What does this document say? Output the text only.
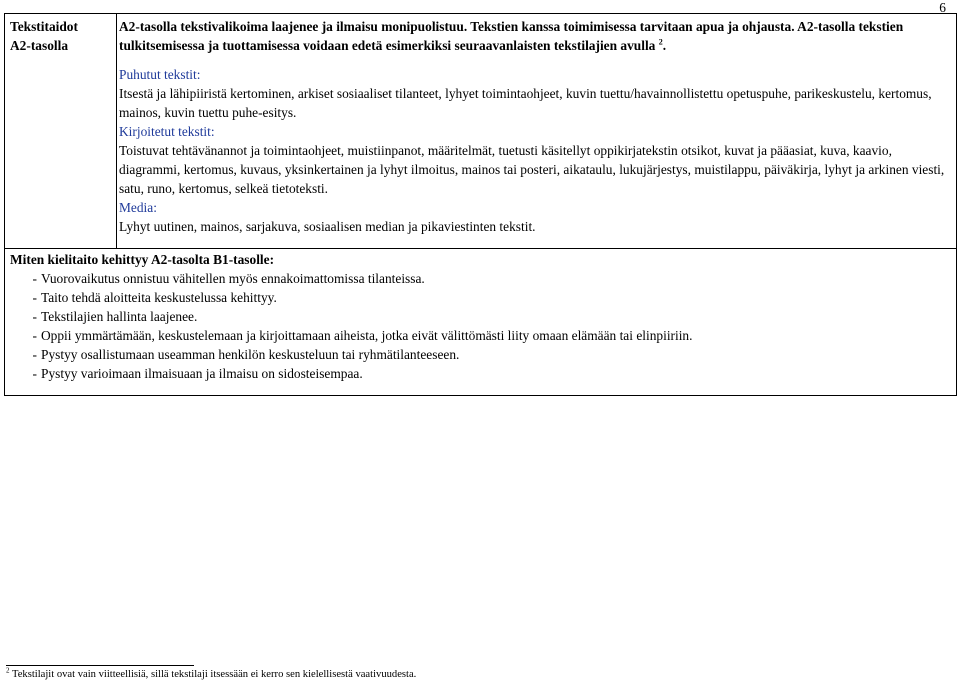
6
Tekstitaidot
A2-tasolla
A2-tasolla tekstivalikoima laajenee ja ilmaisu monipuolistuu. Tekstien kanssa toimimisessa tarvitaan apua ja ohjausta. A2-tasolla tekstien tulkitsemisessa ja tuottamisessa voidaan edetä esimerkiksi seuraavanlaisten tekstilajien avulla $^2$.
Puhutut tekstit:
Itsestä ja lähipiiristä kertominen, arkiset sosiaaliset tilanteet, lyhyet toimintaohjeet, kuvin tuettu/havainnollistettu opetuspuhe, parikeskustelu, kertomus, mainos, kuvin tuettu puhe-esitys.
Kirjoitetut tekstit:
Toistuvat tehtävänannot ja toimintaohjeet, muistiinpanot, määritelmät, tuetusti käsitellyt oppikirjatekstin otsikot, kuvat ja pääasiat, kuva, kaavio, diagrammi, kertomus, kuvaus, yksinkertainen ja lyhyt ilmoitus, mainos tai posteri, aikataulu, lukujärjestys, muistilappu, päiväkirja, lyhyt ja arkinen viesti, satu, runo, kertomus, selkeä tietoteksti.
Media:
Lyhyt uutinen, mainos, sarjakuva, sosiaalisen median ja pikaviestinten tekstit.
Miten kielitaito kehittyy A2-tasolta B1-tasolle:
- Vuorovaikutus onnistuu vähitellen myös ennakoimattomissa tilanteissa.
- Taito tehdä aloitteita keskustelussa kehittyy.
- Tekstilajien hallinta laajenee.
- Oppii ymmärtämään, keskustelemaan ja kirjoittamaan aiheista, jotka eivät välittömästi liity omaan elämään tai elinpiiriin.
- Pystyy osallistumaan useamman henkilön keskusteluun tai ryhmätilanteeseen.
- Pystyy varioimaan ilmaisuaan ja ilmaisu on sidosteisempaa.
$^2$ Tekstilajit ovat vain viitteellisiä, sillä tekstilaji itsessään ei kerro sen kielellisestä vaativuudesta.
